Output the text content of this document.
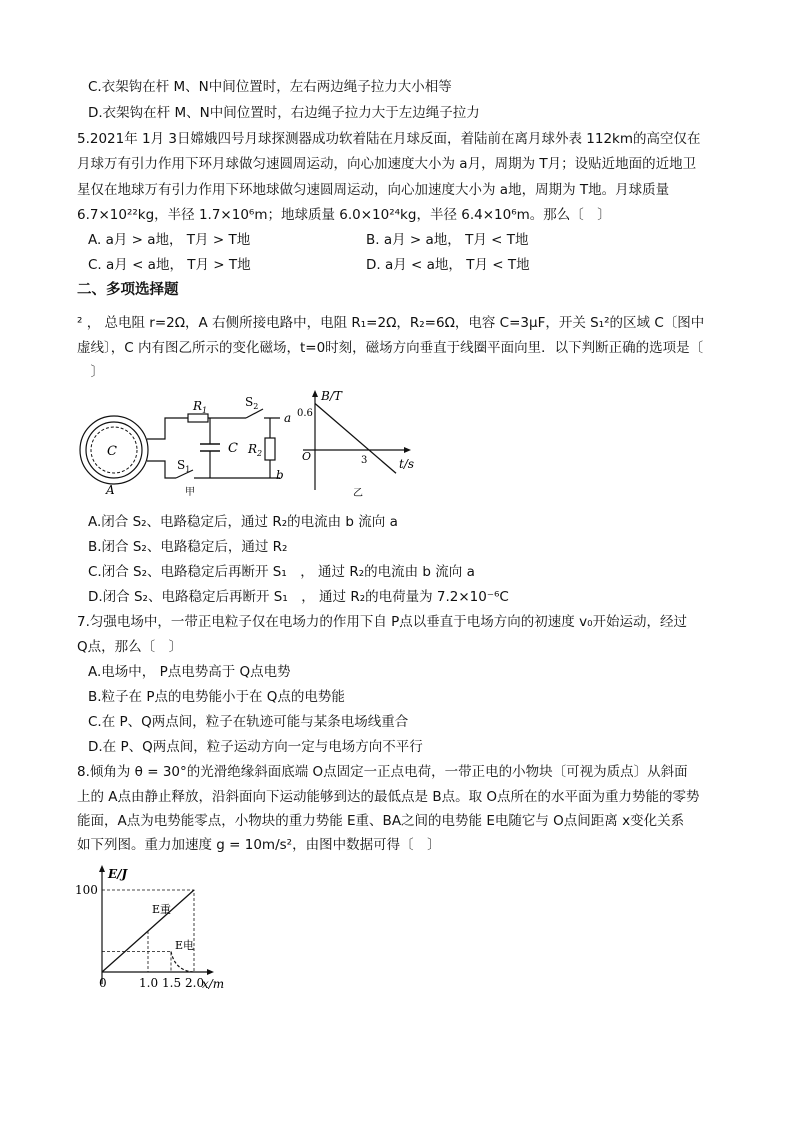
C.衣架钩在杆 M、N中间位置时，左右两边绳子拉力大小相等
D.衣架钩在杆 M、N中间位置时，右边绳子拉力大于左边绳子拉力
5.2021年 1月 3日嫦娥四号月球探测器成功软着陆在月球反面，着陆前在离月球外表 112km的高空仅在
月球万有引力作用下环月球做匀速圆周运动，向心加速度大小为 a月，周期为 T月；设贴近地面的近地卫
星仅在地球万有引力作用下环地球做匀速圆周运动，向心加速度大小为 a地，周期为 T地。月球质量
6.7×10²²kg，半径 1.7×10⁶m；地球质量 6.0×10²⁴kg，半径 6.4×10⁶m。那么〔　〕
A. a月 > a地， T月 > T地	B. a月 > a地， T月 < T地
C. a月 < a地， T月 > T地	D. a月 < a地， T月 < T地
二、多项选择题
² ， 总电阻 r=2Ω，A 右侧所接电路中，电阻 R₁=2Ω，R₂=6Ω，电容 C=3μF，开关 S₁²的区域 C〔图中
虚线〕，C 内有图乙所示的变化磁场，t=0时刻，磁场方向垂直于线圈平面向里．以下判断正确的选项是〔
　〕
C
A
$R_1$
$S_2$
a
C $R_2$
b
$S_1$
甲
B/T
t/s
O
0.6
3
乙
A.闭合 S₂、电路稳定后，通过 R₂的电流由 b 流向 a
B.闭合 S₂、电路稳定后，通过 R₂
C.闭合 S₂、电路稳定后再断开 S₁　， 通过 R₂的电流由 b 流向 a
D.闭合 S₂、电路稳定后再断开 S₁　， 通过 R₂的电荷量为 7.2×10⁻⁶C
7.匀强电场中，一带正电粒子仅在电场力的作用下自 P点以垂直于电场方向的初速度 v₀开始运动，经过
Q点，那么〔　〕
A.电场中， P点电势高于 Q点电势
B.粒子在 P点的电势能小于在 Q点的电势能
C.在 P、Q两点间，粒子在轨迹可能与某条电场线重合
D.在 P、Q两点间，粒子运动方向一定与电场方向不平行
8.倾角为 θ = 30°的光滑绝缘斜面底端 O点固定一正点电荷，一带正电的小物块〔可视为质点〕从斜面
上的 A点由静止释放，沿斜面向下运动能够到达的最低点是 B点。取 O点所在的水平面为重力势能的零势
能面，A点为电势能零点，小物块的重力势能 E重、BA之间的电势能 E电随它与 O点间距离 x变化关系
如下列图。重力加速度 g = 10m/s²，由图中数据可得〔　〕
E/J
x/m
100
0	1.0 1.5 2.0
E重
E电
